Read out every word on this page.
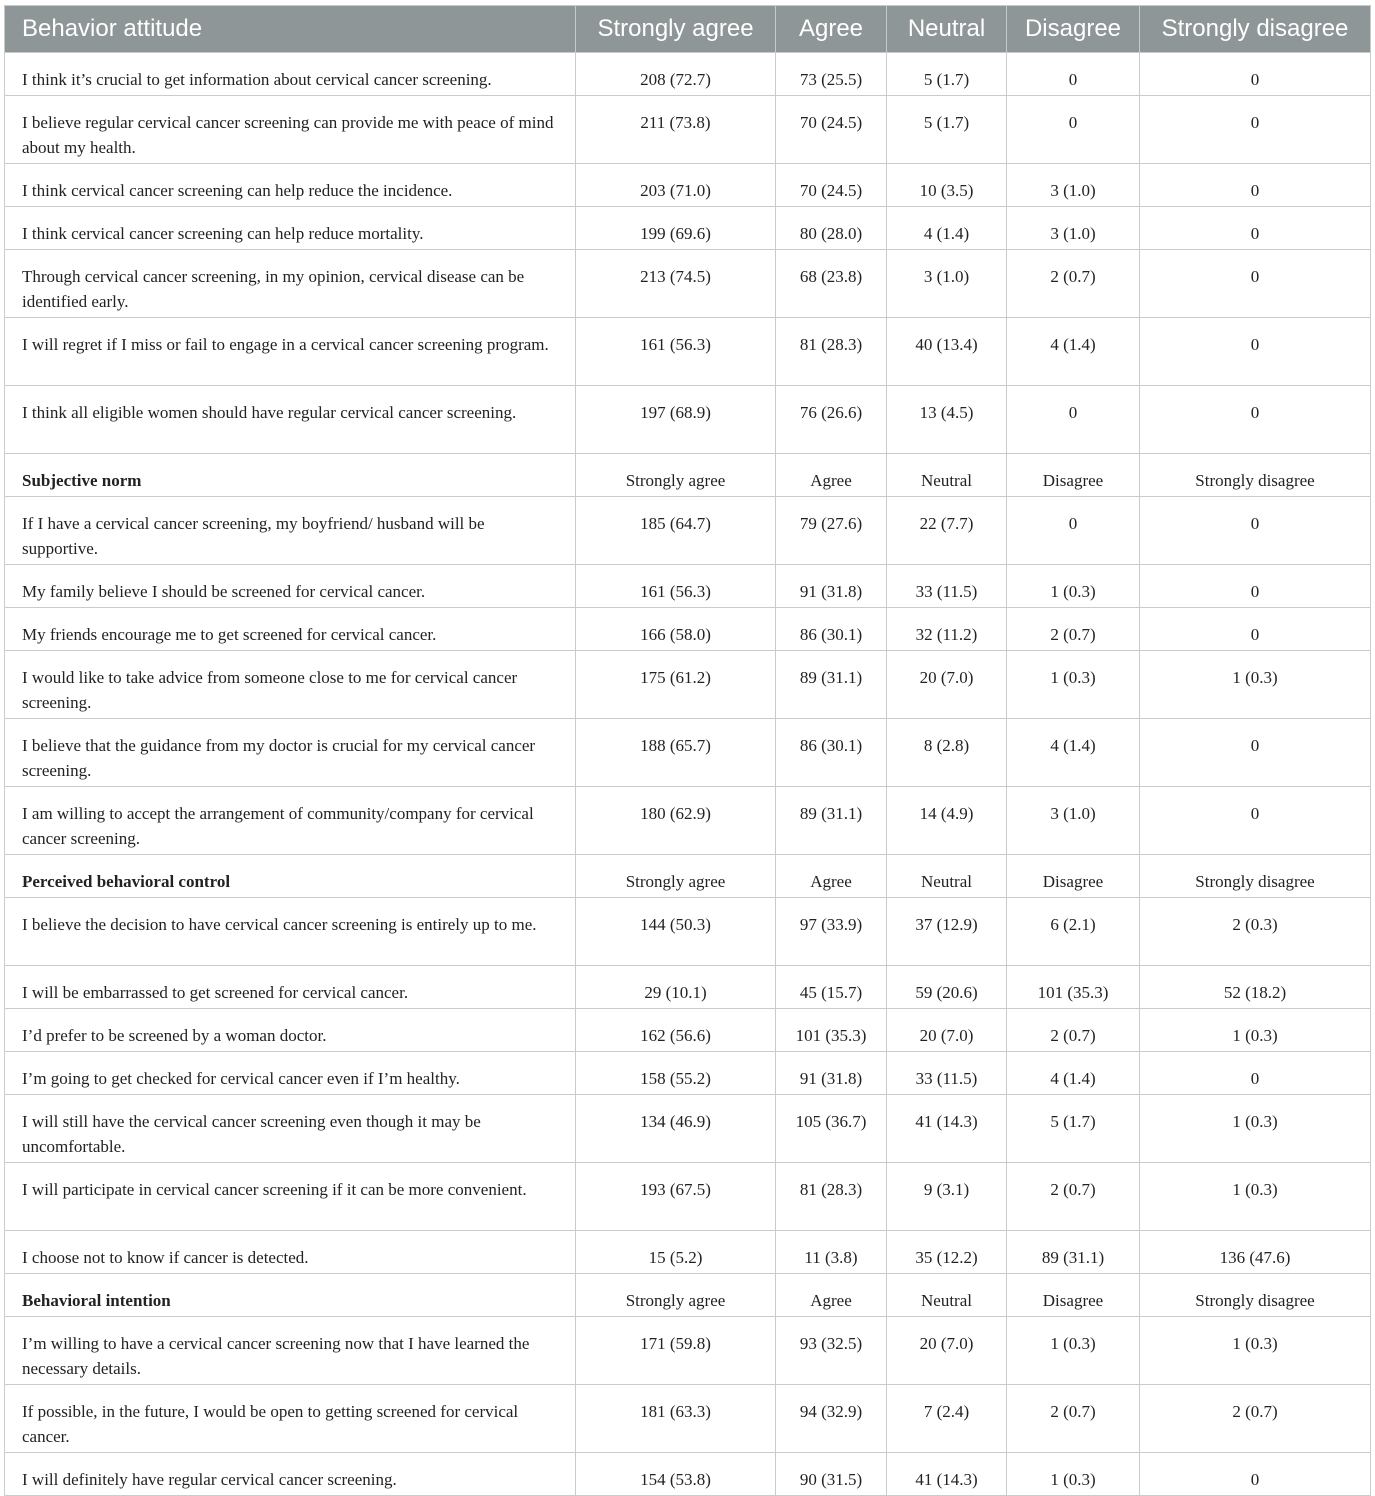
Behavior attitude	Strongly agree	Agree	Neutral	Disagree	Strongly disagree
I think it’s crucial to get information about cervical cancer screening.	208 (72.7)	73 (25.5)	5 (1.7)	0	0
I believe regular cervical cancer screening can provide me with peace of mind about my health.	211 (73.8)	70 (24.5)	5 (1.7)	0	0
I think cervical cancer screening can help reduce the incidence.	203 (71.0)	70 (24.5)	10 (3.5)	3 (1.0)	0
I think cervical cancer screening can help reduce mortality.	199 (69.6)	80 (28.0)	4 (1.4)	3 (1.0)	0
Through cervical cancer screening, in my opinion, cervical disease can be identified early.	213 (74.5)	68 (23.8)	3 (1.0)	2 (0.7)	0
I will regret if I miss or fail to engage in a cervical cancer screening program.	161 (56.3)	81 (28.3)	40 (13.4)	4 (1.4)	0
I think all eligible women should have regular cervical cancer screening.	197 (68.9)	76 (26.6)	13 (4.5)	0	0
Subjective norm	Strongly agree	Agree	Neutral	Disagree	Strongly disagree
If I have a cervical cancer screening, my boyfriend/ husband will be supportive.	185 (64.7)	79 (27.6)	22 (7.7)	0	0
My family believe I should be screened for cervical cancer.	161 (56.3)	91 (31.8)	33 (11.5)	1 (0.3)	0
My friends encourage me to get screened for cervical cancer.	166 (58.0)	86 (30.1)	32 (11.2)	2 (0.7)	0
I would like to take advice from someone close to me for cervical cancer screening.	175 (61.2)	89 (31.1)	20 (7.0)	1 (0.3)	1 (0.3)
I believe that the guidance from my doctor is crucial for my cervical cancer screening.	188 (65.7)	86 (30.1)	8 (2.8)	4 (1.4)	0
I am willing to accept the arrangement of community/company for cervical cancer screening.	180 (62.9)	89 (31.1)	14 (4.9)	3 (1.0)	0
Perceived behavioral control	Strongly agree	Agree	Neutral	Disagree	Strongly disagree
I believe the decision to have cervical cancer screening is entirely up to me.	144 (50.3)	97 (33.9)	37 (12.9)	6 (2.1)	2 (0.3)
I will be embarrassed to get screened for cervical cancer.	29 (10.1)	45 (15.7)	59 (20.6)	101 (35.3)	52 (18.2)
I’d prefer to be screened by a woman doctor.	162 (56.6)	101 (35.3)	20 (7.0)	2 (0.7)	1 (0.3)
I’m going to get checked for cervical cancer even if I’m healthy.	158 (55.2)	91 (31.8)	33 (11.5)	4 (1.4)	0
I will still have the cervical cancer screening even though it may be uncomfortable.	134 (46.9)	105 (36.7)	41 (14.3)	5 (1.7)	1 (0.3)
I will participate in cervical cancer screening if it can be more convenient.	193 (67.5)	81 (28.3)	9 (3.1)	2 (0.7)	1 (0.3)
I choose not to know if cancer is detected.	15 (5.2)	11 (3.8)	35 (12.2)	89 (31.1)	136 (47.6)
Behavioral intention	Strongly agree	Agree	Neutral	Disagree	Strongly disagree
I’m willing to have a cervical cancer screening now that I have learned the necessary details.	171 (59.8)	93 (32.5)	20 (7.0)	1 (0.3)	1 (0.3)
If possible, in the future, I would be open to getting screened for cervical cancer.	181 (63.3)	94 (32.9)	7 (2.4)	2 (0.7)	2 (0.7)
I will definitely have regular cervical cancer screening.	154 (53.8)	90 (31.5)	41 (14.3)	1 (0.3)	0
